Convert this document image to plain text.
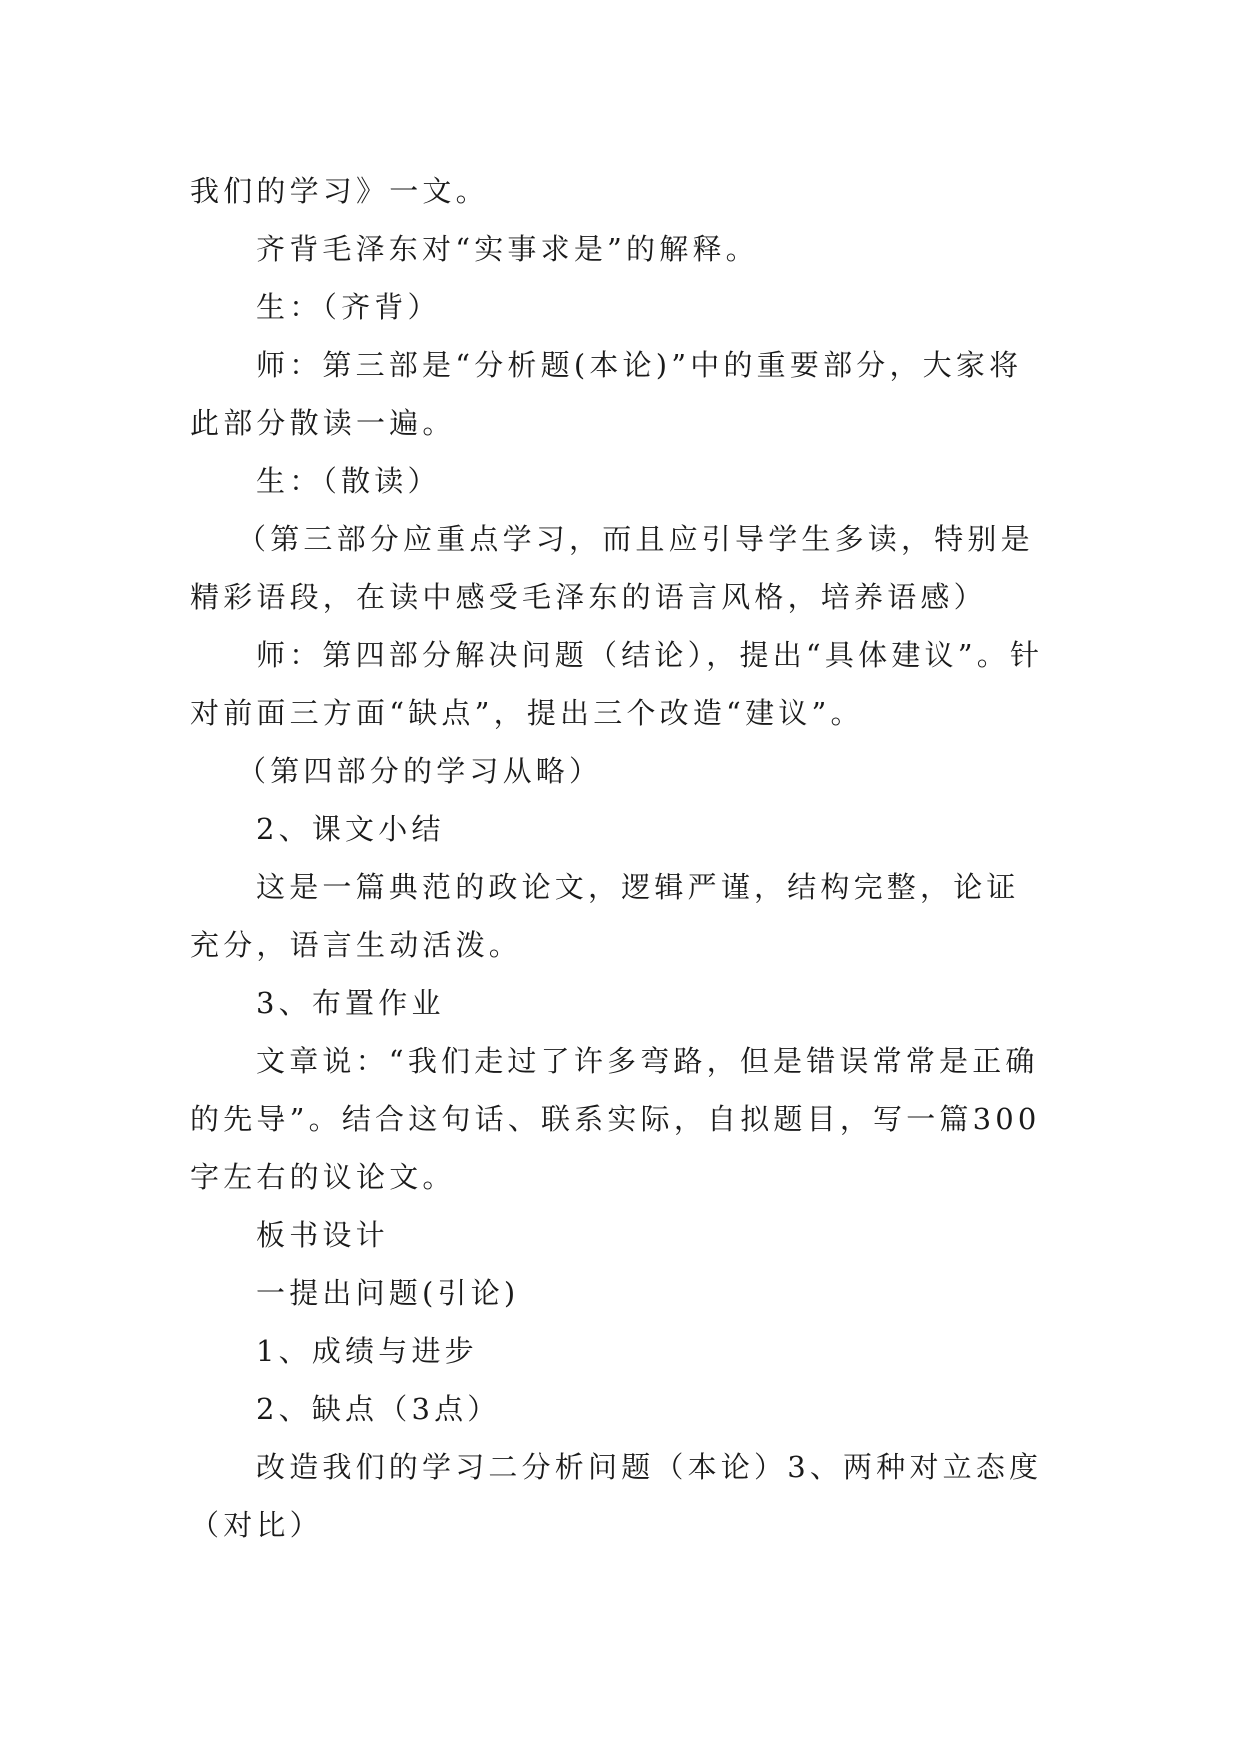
我们的学习》一文。

齐背毛泽东对“实事求是”的解释。

生：（齐背）

师：第三部是“分析题(本论)”中的重要部分，大家将此部分散读一遍。

生：（散读）

（第三部分应重点学习，而且应引导学生多读，特别是精彩语段，在读中感受毛泽东的语言风格，培养语感）

师：第四部分解决问题（结论），提出“具体建议”。针对前面三方面“缺点”，提出三个改造“建议”。

（第四部分的学习从略）

2、课文小结

这是一篇典范的政论文，逻辑严谨，结构完整，论证充分，语言生动活泼。

3、布置作业

文章说：“我们走过了许多弯路，但是错误常常是正确的先导”。结合这句话、联系实际，自拟题目，写一篇300字左右的议论文。

板书设计

一提出问题(引论)

1、成绩与进步

2、缺点（3点）

改造我们的学习二分析问题（本论）3、两种对立态度（对比）
